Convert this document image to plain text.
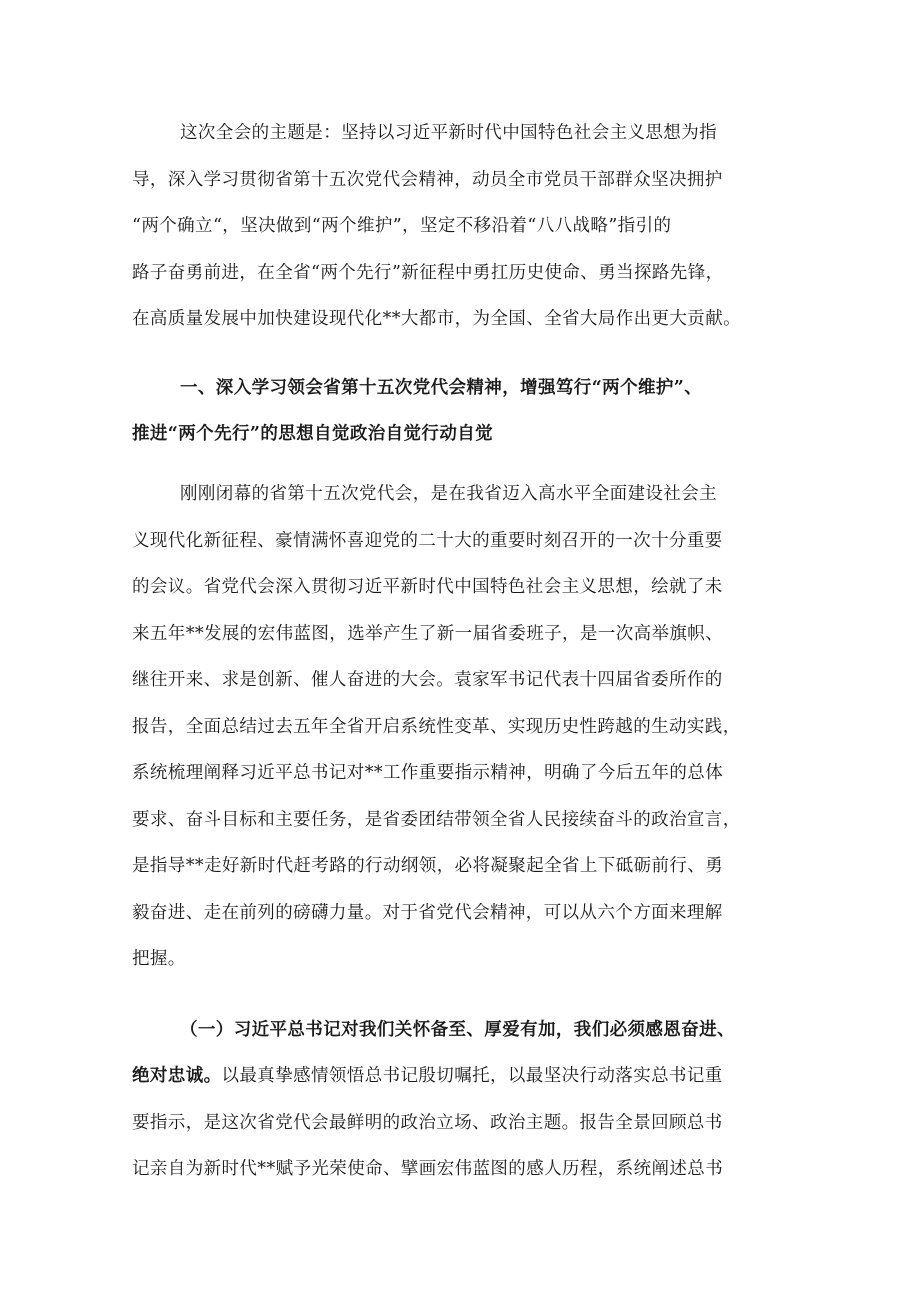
这次全会的主题是：坚持以习近平新时代中国特色社会主义思想为指
导，深入学习贯彻省第十五次党代会精神，动员全市党员干部群众坚决拥护
“两个确立“，坚决做到“两个维护”，坚定不移沿着“八八战略”指引的
路子奋勇前进，在全省“两个先行”新征程中勇扛历史使命、勇当探路先锋，
在高质量发展中加快建设现代化**大都市，为全国、全省大局作出更大贡献。
一、深入学习领会省第十五次党代会精神，增强笃行“两个维护”、
推进“两个先行”的思想自觉政治自觉行动自觉
刚刚闭幕的省第十五次党代会，是在我省迈入高水平全面建设社会主
义现代化新征程、豪情满怀喜迎党的二十大的重要时刻召开的一次十分重要
的会议。省党代会深入贯彻习近平新时代中国特色社会主义思想，绘就了未
来五年**发展的宏伟蓝图，选举产生了新一届省委班子，是一次高举旗帜、
继往开来、求是创新、催人奋进的大会。袁家军书记代表十四届省委所作的
报告，全面总结过去五年全省开启系统性变革、实现历史性跨越的生动实践，
系统梳理阐释习近平总书记对**工作重要指示精神，明确了今后五年的总体
要求、奋斗目标和主要任务，是省委团结带领全省人民接续奋斗的政治宣言，
是指导**走好新时代赶考路的行动纲领，必将凝聚起全省上下砥砺前行、勇
毅奋进、走在前列的磅礴力量。对于省党代会精神，可以从六个方面来理解
把握。
（一）习近平总书记对我们关怀备至、厚爱有加，我们必须感恩奋进、
绝对忠诚。以最真挚感情领悟总书记殷切嘱托，以最坚决行动落实总书记重
要指示，是这次省党代会最鲜明的政治立场、政治主题。报告全景回顾总书
记亲自为新时代**赋予光荣使命、擘画宏伟蓝图的感人历程，系统阐述总书
